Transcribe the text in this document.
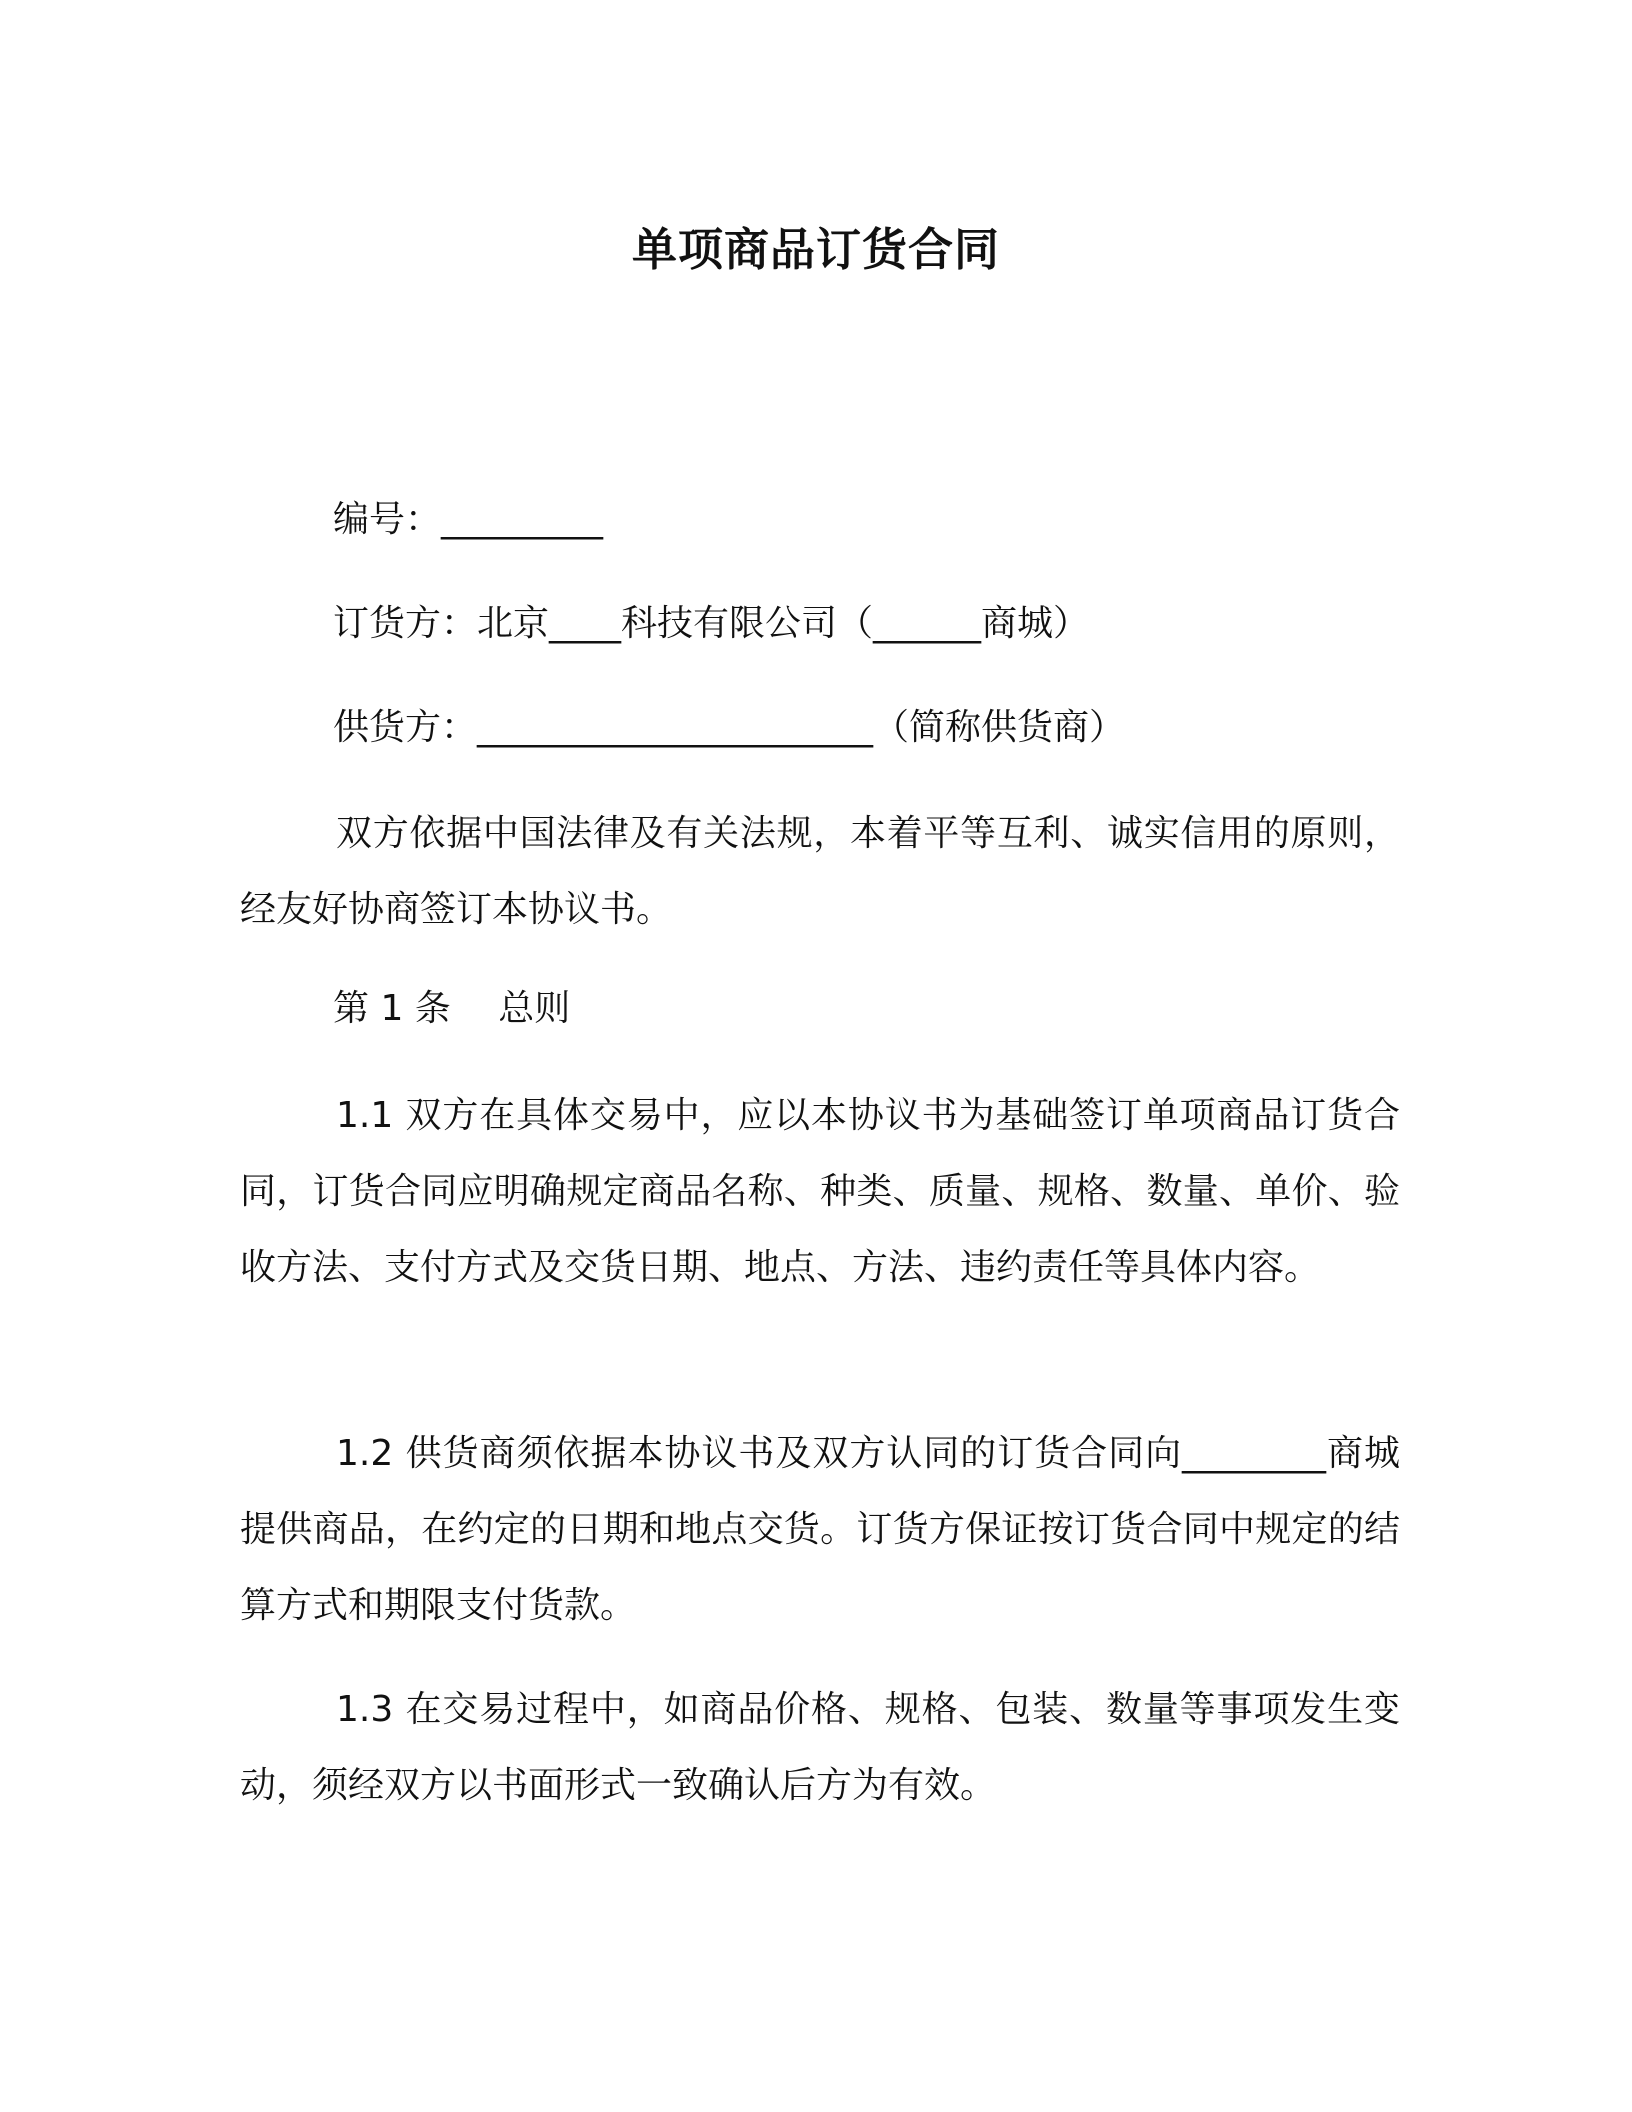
单项商品订货合同
编号：_________
订货方：北京____科技有限公司（______商城）
供货方：______________________（简称供货商）
双方依据中国法律及有关法规，本着平等互利、诚实信用的原则，经友好协商签订本协议书。
第 1 条　 总则
1.1 双方在具体交易中，应以本协议书为基础签订单项商品订货合同，订货合同应明确规定商品名称、种类、质量、规格、数量、单价、验收方法、支付方式及交货日期、地点、方法、违约责任等具体内容。
1.2 供货商须依据本协议书及双方认同的订货合同向________商城提供商品，在约定的日期和地点交货。订货方保证按订货合同中规定的结算方式和期限支付货款。
1.3 在交易过程中，如商品价格、规格、包装、数量等事项发生变动，须经双方以书面形式一致确认后方为有效。
